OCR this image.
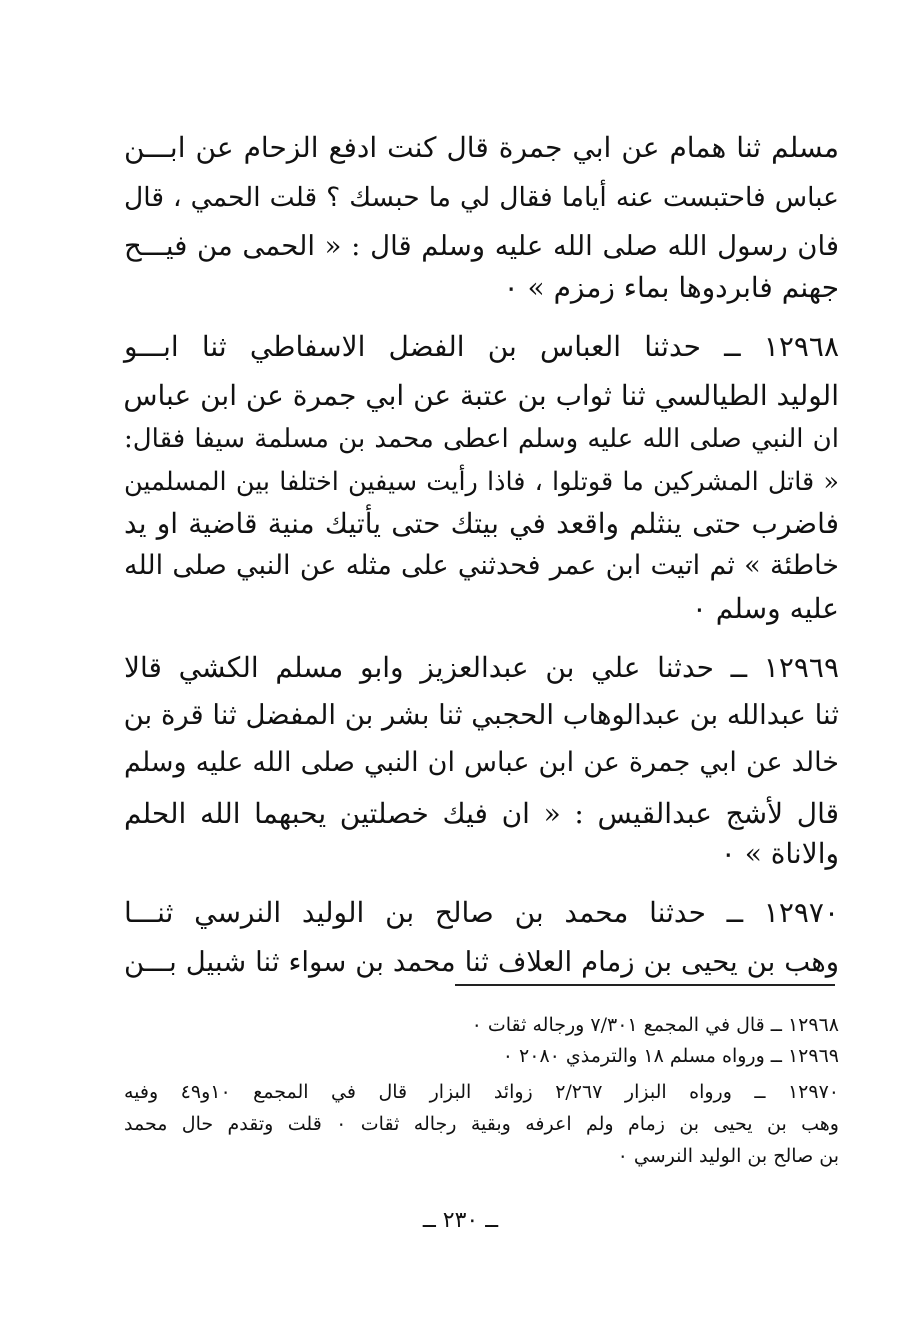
مسلم ثنا همام عن ابي جمرة قال كنت ادفع الزحام عن ابـــن
عباس فاحتبست عنه أياما فقال لي ما حبسك ؟ قلت الحمي ، قال
فان رسول الله صلى الله عليه وسلم قال : « الحمى من فيـــح
جهنم فابردوها بماء زمزم » ٠
١٢٩٦٨ ــ حدثنا العباس بن الفضل الاسفاطي ثنا ابـــو
الوليد الطيالسي ثنا ثواب بن عتبة عن ابي جمرة عن ابن عباس
ان النبي صلى الله عليه وسلم اعطى محمد بن مسلمة سيفا فقال:
« قاتل المشركين ما قوتلوا ، فاذا رأيت سيفين اختلفا بين المسلمين
فاضرب حتى ينثلم واقعد في بيتك حتى يأتيك منية قاضية او يد
خاطئة » ثم اتيت ابن عمر فحدثني على مثله عن النبي صلى الله
عليه وسلم ٠
١٢٩٦٩ ــ حدثنا علي بن عبدالعزيز وابو مسلم الكشي قالا
ثنا عبدالله بن عبدالوهاب الحجبي ثنا بشر بن المفضل ثنا قرة بن
خالد عن ابي جمرة عن ابن عباس ان النبي صلى الله عليه وسلم
قال لأشج عبدالقيس : « ان فيك خصلتين يحبهما الله الحلم
والاناة » ٠
١٢٩٧٠ ــ حدثنا محمد بن صالح بن الوليد النرسي ثنـــا
وهب بن يحيى بن زمام العلاف ثنا محمد بن سواء ثنا شبيل بـــن
١٢٩٦٨ ــ قال في المجمع ٧/٣٠١ ورجاله ثقات ٠
١٢٩٦٩ ــ ورواه مسلم ١٨ والترمذي ٢٠٨٠ ٠
١٢٩٧٠ ــ ورواه البزار ٢/٢٦٧ زوائد البزار قال في المجمع ١٠و٤٩ وفيه
وهب بن يحيى بن زمام ولم اعرفه وبقية رجاله ثقات ٠ قلت وتقدم حال محمد
بن صالح بن الوليد النرسي ٠
ــ ٢٣٠ ــ
